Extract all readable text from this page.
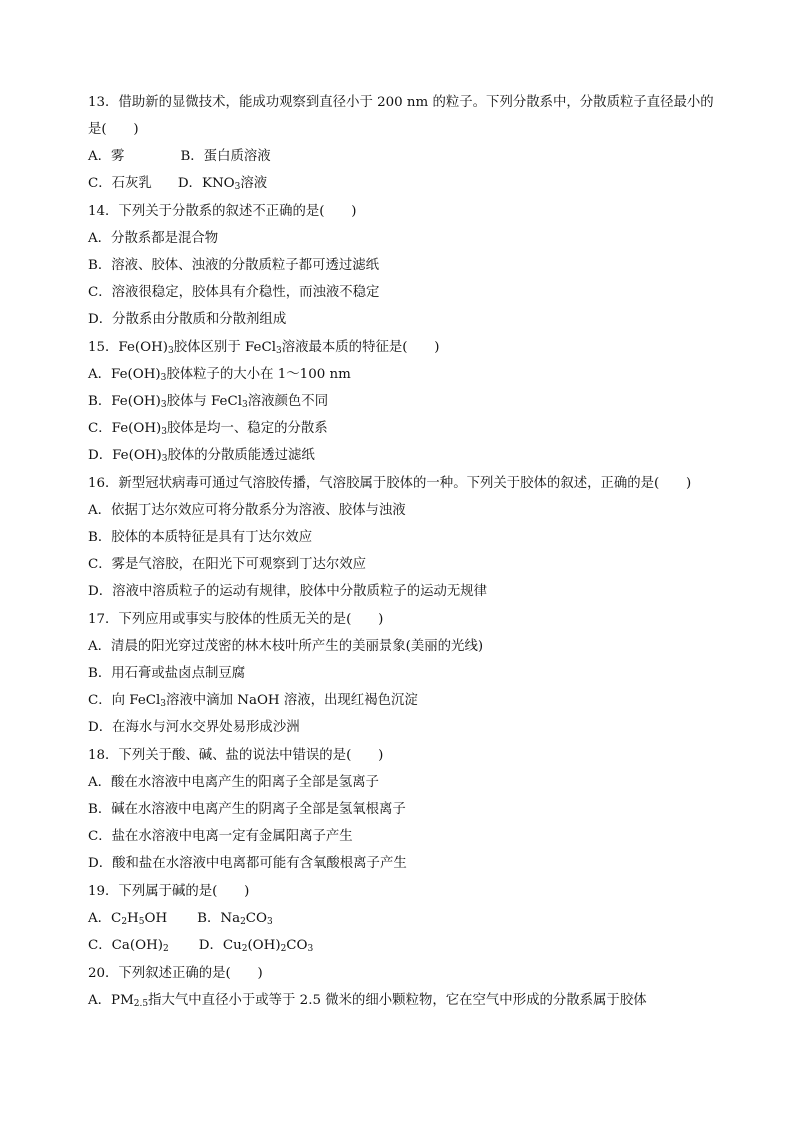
13．借助新的显微技术，能成功观察到直径小于 200 nm 的粒子。下列分散系中，分散质粒子直径最小的
是(　　)
A．雾	B．蛋白质溶液
C．石灰乳 D．$KNO_3$溶液
14．下列关于分散系的叙述不正确的是(　　)
A．分散系都是混合物
B．溶液、胶体、浊液的分散质粒子都可透过滤纸
C．溶液很稳定，胶体具有介稳性，而浊液不稳定
D．分散系由分散质和分散剂组成
15．$Fe(OH)_3$胶体区别于 FeCl$_3$溶液最本质的特征是(　　)
A．$Fe(OH)_3$胶体粒子的大小在 1～100 nm
B．$Fe(OH)_3$胶体与 FeCl$_3$溶液颜色不同
C．$Fe(OH)_3$胶体是均一、稳定的分散系
D．$Fe(OH)_3$胶体的分散质能透过滤纸
16．新型冠状病毒可通过气溶胶传播，气溶胶属于胶体的一种。下列关于胶体的叙述，正确的是(　　)
A．依据丁达尔效应可将分散系分为溶液、胶体与浊液
B．胶体的本质特征是具有丁达尔效应
C．雾是气溶胶，在阳光下可观察到丁达尔效应
D．溶液中溶质粒子的运动有规律，胶体中分散质粒子的运动无规律
17．下列应用或事实与胶体的性质无关的是(　　)
A．清晨的阳光穿过茂密的林木枝叶所产生的美丽景象(美丽的光线)
B．用石膏或盐卤点制豆腐
C．向 FeCl$_3$溶液中滴加 NaOH 溶液，出现红褐色沉淀
D．在海水与河水交界处易形成沙洲
18．下列关于酸、碱、盐的说法中错误的是(　　)
A．酸在水溶液中电离产生的阳离子全部是氢离子
B．碱在水溶液中电离产生的阴离子全部是氢氧根离子
C．盐在水溶液中电离一定有金属阳离子产生
D．酸和盐在水溶液中电离都可能有含氧酸根离子产生
19．下列属于碱的是(　　)
A．$C_2H_5OH$ B．$Na_2CO_3$
C．$Ca(OH)_2$ D．$Cu_2(OH)_2CO_3$
20．下列叙述正确的是(　　)
A．$PM_{2.5}$指大气中直径小于或等于 2.5 微米的细小颗粒物，它在空气中形成的分散系属于胶体
